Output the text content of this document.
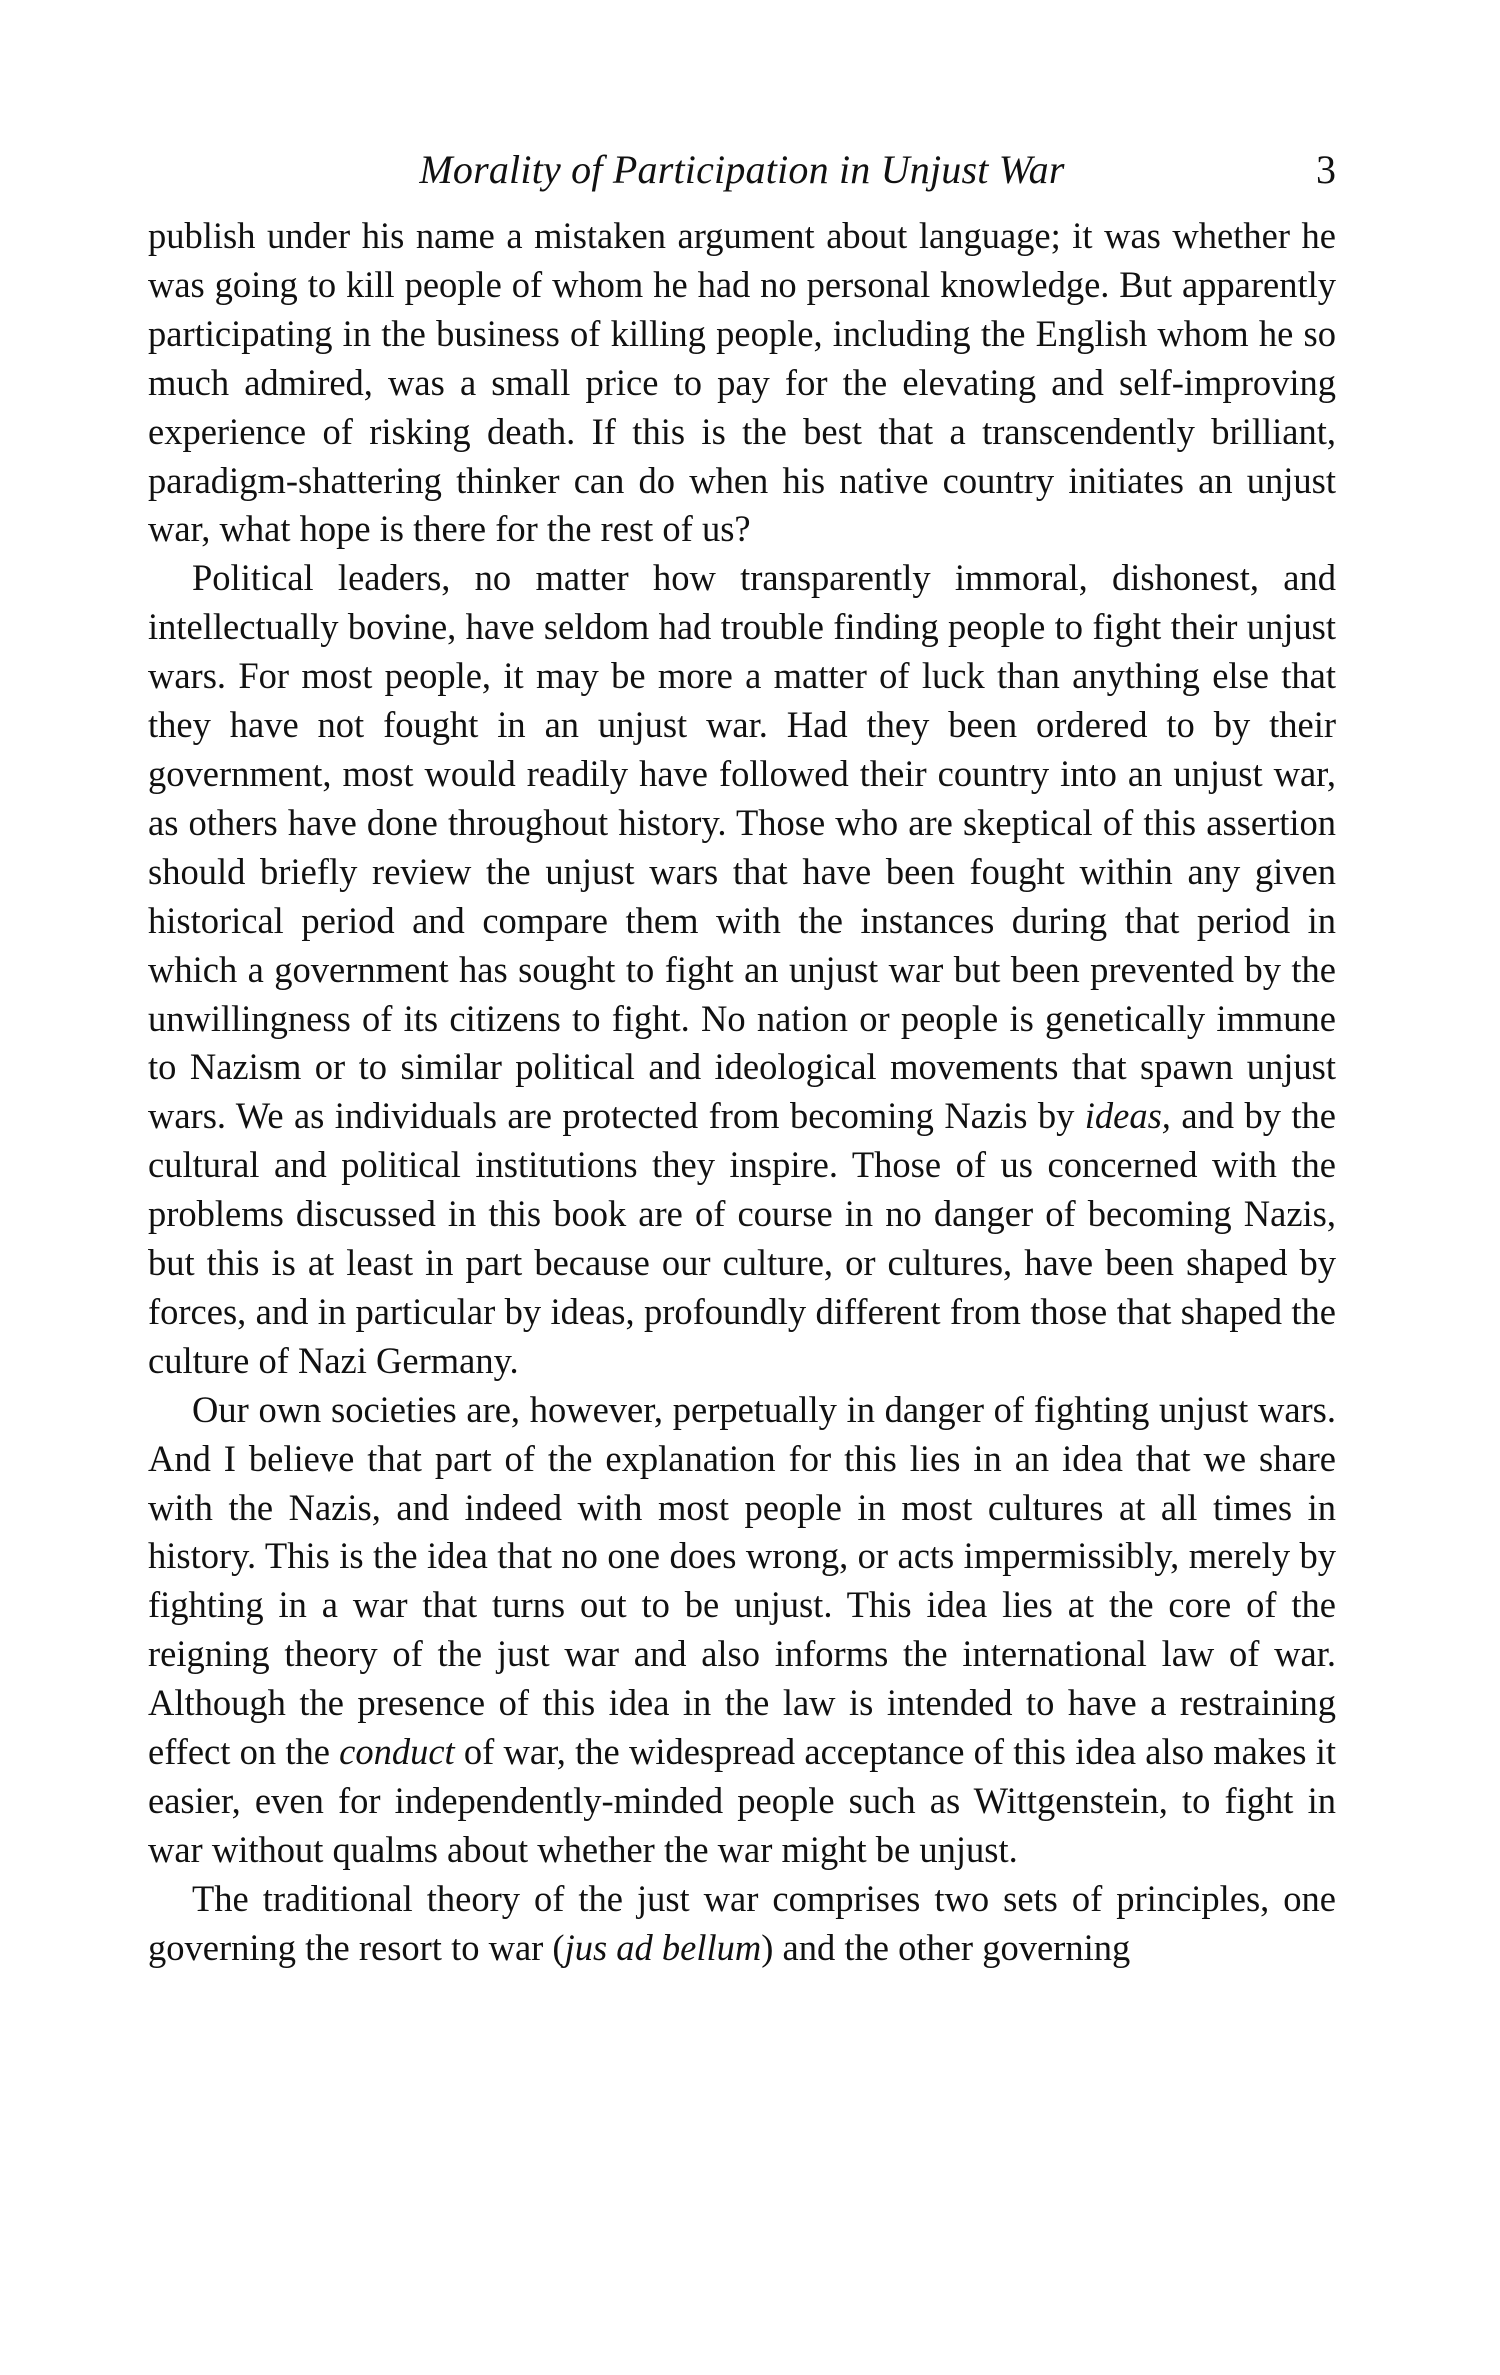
Morality of Participation in Unjust War	3

publish under his name a mistaken argument about language; it was whether he was going to kill people of whom he had no personal knowledge. But apparently participating in the business of killing people, including the English whom he so much admired, was a small price to pay for the elevating and self-improving experience of risking death. If this is the best that a transcendently brilliant, paradigm-shattering thinker can do when his native country initiates an unjust war, what hope is there for the rest of us?

Political leaders, no matter how transparently immoral, dishonest, and intellectually bovine, have seldom had trouble finding people to fight their unjust wars. For most people, it may be more a matter of luck than anything else that they have not fought in an unjust war. Had they been ordered to by their government, most would readily have followed their country into an unjust war, as others have done throughout history. Those who are skeptical of this assertion should briefly review the unjust wars that have been fought within any given historical period and compare them with the instances during that period in which a government has sought to fight an unjust war but been prevented by the unwillingness of its citizens to fight. No nation or people is genetically immune to Nazism or to similar political and ideological movements that spawn unjust wars. We as individuals are protected from becoming Nazis by ideas, and by the cultural and political institutions they inspire. Those of us concerned with the problems discussed in this book are of course in no danger of becoming Nazis, but this is at least in part because our culture, or cultures, have been shaped by forces, and in particular by ideas, profoundly different from those that shaped the culture of Nazi Germany.

Our own societies are, however, perpetually in danger of fighting unjust wars. And I believe that part of the explanation for this lies in an idea that we share with the Nazis, and indeed with most people in most cultures at all times in history. This is the idea that no one does wrong, or acts impermissibly, merely by fighting in a war that turns out to be unjust. This idea lies at the core of the reigning theory of the just war and also informs the international law of war. Although the presence of this idea in the law is intended to have a restraining effect on the conduct of war, the widespread acceptance of this idea also makes it easier, even for independently-minded people such as Wittgenstein, to fight in war without qualms about whether the war might be unjust.

The traditional theory of the just war comprises two sets of principles, one governing the resort to war (jus ad bellum) and the other governing
